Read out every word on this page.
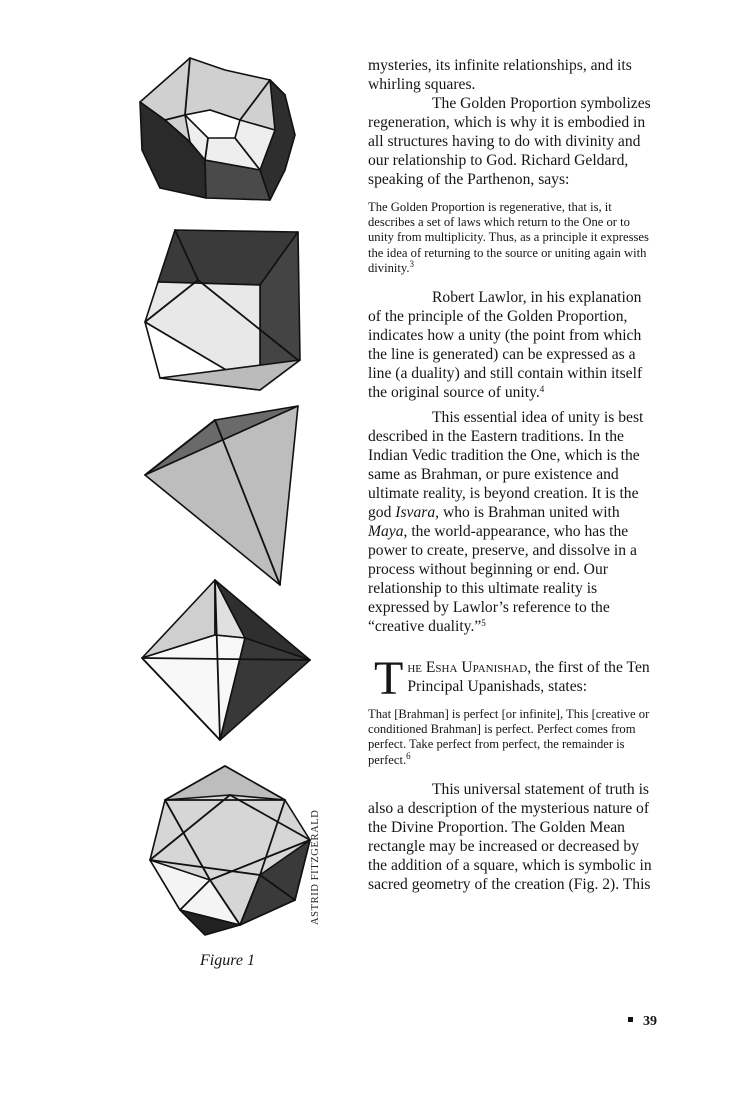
ASTRID FITZGERALD
Figure 1

mysteries, its infinite relationships, and its whirling squares.

The Golden Proportion symbolizes regeneration, which is why it is embodied in all structures having to do with divinity and our relationship to God. Richard Geldard, speaking of the Parthenon, says:

The Golden Proportion is regenerative, that is, it describes a set of laws which return to the One or to unity from multiplicity. Thus, as a principle it expresses the idea of returning to the source or uniting again with divinity.$^3$

Robert Lawlor, in his explanation of the principle of the Golden Proportion, indicates how a unity (the point from which the line is generated) can be expressed as a line (a duality) and still contain within itself the original source of unity.$^4$

This essential idea of unity is best described in the Eastern traditions. In the Indian Vedic tradition the One, which is the same as Brahman, or pure existence and ultimate reality, is beyond creation. It is the god Isvara, who is Brahman united with Maya, the world-appearance, who has the power to create, preserve, and dissolve in a process without beginning or end. Our relationship to this ultimate reality is expressed by Lawlor’s reference to the “creative duality.”$^5$

The Esha Upanishad, the first of the Ten Principal Upanishads, states:

That [Brahman] is perfect [or infinite], This [creative or conditioned Brahman] is perfect. Perfect comes from perfect. Take perfect from perfect, the remainder is perfect.$^6$

This universal statement of truth is also a description of the mysterious nature of the Divine Proportion. The Golden Mean rectangle may be increased or decreased by the addition of a square, which is symbolic in sacred geometry of the creation (Fig. 2). This

39
